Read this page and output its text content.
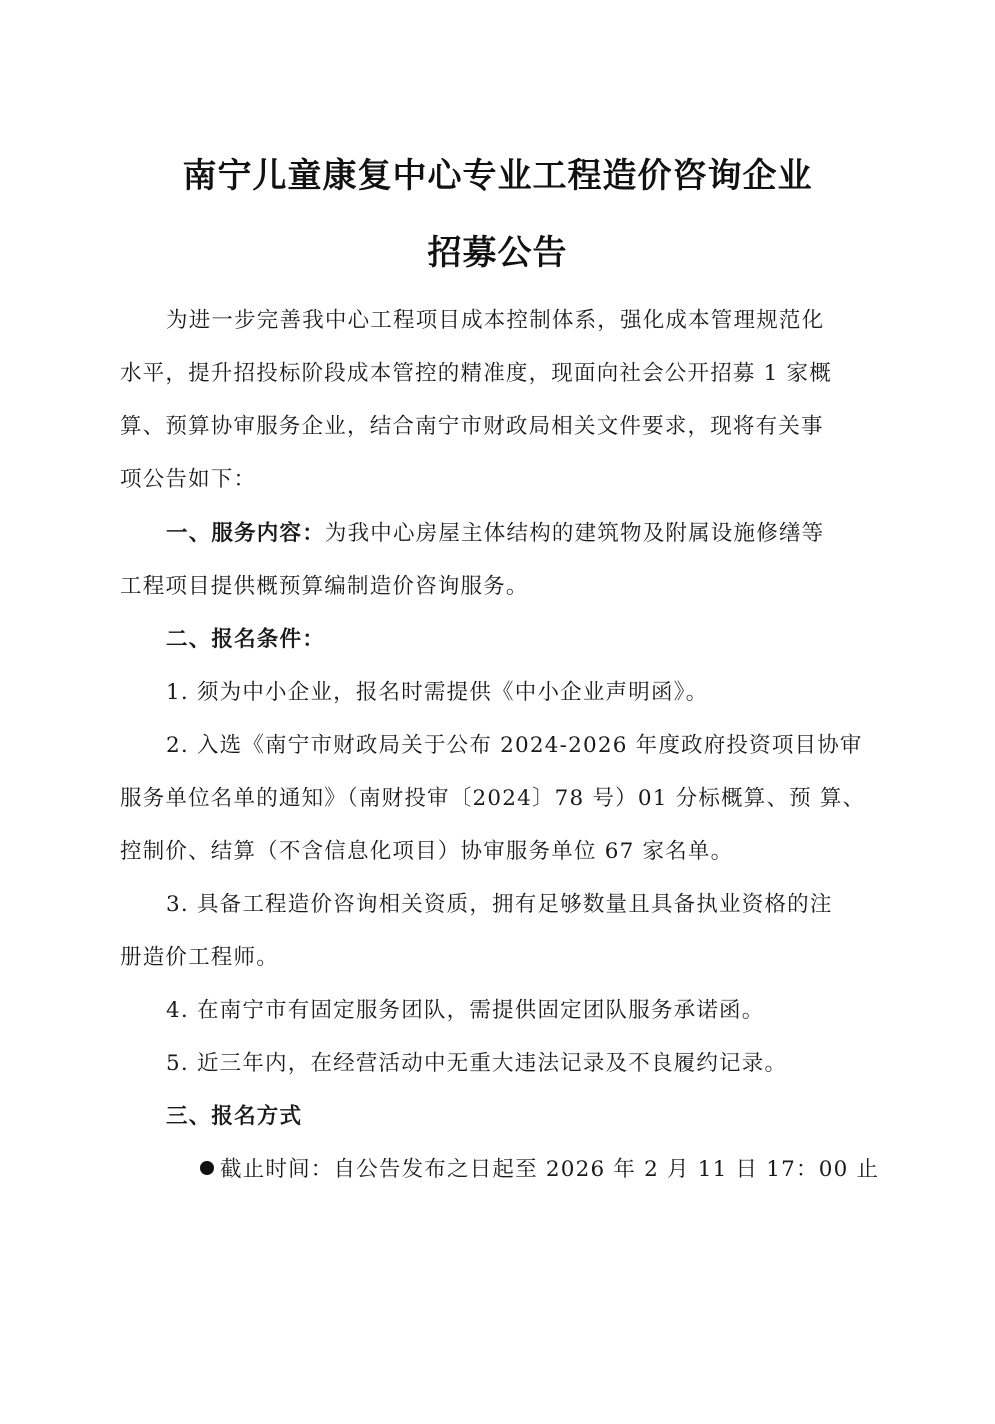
南宁儿童康复中心专业工程造价咨询企业
招募公告
为进一步完善我中心工程项目成本控制体系，强化成本管理规范化
水平，提升招投标阶段成本管控的精准度，现面向社会公开招募 1 家概
算、预算协审服务企业，结合南宁市财政局相关文件要求，现将有关事
项公告如下：
一、服务内容：为我中心房屋主体结构的建筑物及附属设施修缮等
工程项目提供概预算编制造价咨询服务。
二、报名条件：
1. 须为中小企业，报名时需提供《中小企业声明函》。
2. 入选《南宁市财政局关于公布 2024-2026 年度政府投资项目协审
服务单位名单的通知》（南财投审〔2024〕78 号）01 分标概算、预 算、
控制价、结算（不含信息化项目）协审服务单位 67 家名单。
3. 具备工程造价咨询相关资质，拥有足够数量且具备执业资格的注
册造价工程师。
4. 在南宁市有固定服务团队，需提供固定团队服务承诺函。
5. 近三年内，在经营活动中无重大违法记录及不良履约记录。
三、报名方式
截止时间：自公告发布之日起至 2026 年 2 月 11 日 17：00 止
